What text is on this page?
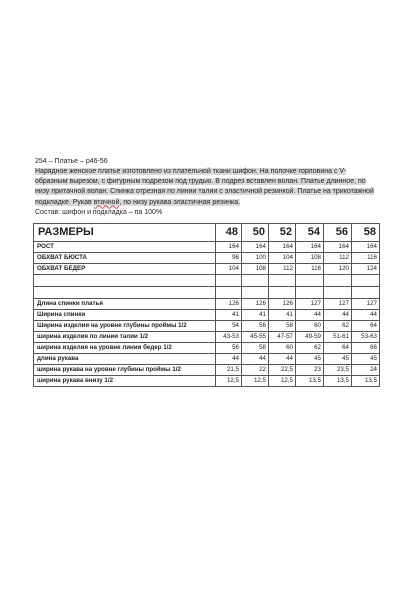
254 – Платье – р46-56
Нарядное женское платье изготовлено из плательной ткани шифон. На полочке горловина с V-образным вырезом, с фигурным подрезом под грудью. В подрез вставлен волан. Платье длинное, по низу притачной волан. Спинка отрезная по линии талии с эластичной резинкой. Платье на трикотажной подкладке. Рукав втачной, по низу рукава эластичная резинка.
Состав: шифон и подкладка – па 100%
РАЗМЕРЫ	48	50	52	54	56	58
РОСТ	164	164	164	164	164	164
ОБХВАТ БЮСТА	96	100	104	108	112	116
ОБХВАТ БЕДЕР	104	108	112	116	120	124

Длина спинки платья	126	126	126	127	127	127
Ширина спинки	41	41	41	44	44	44
Ширина изделия на уровне глубины проймы 1/2	54	56	58	60	62	64
ширина изделия по линии талии 1/2	43-53	45-55	47-57	49-59	51-61	53-63
ширина изделия на уровне линии бедер 1/2	56	58	60	62	64	66
длина рукава	44	44	44	45	45	45
ширина рукава на уровне глубины проймы 1/2	21,5	22	22,5	23	23,5	24
ширина рукава внизу 1/2	12,5	12,5	12,5	13,5	13,5	13,5
